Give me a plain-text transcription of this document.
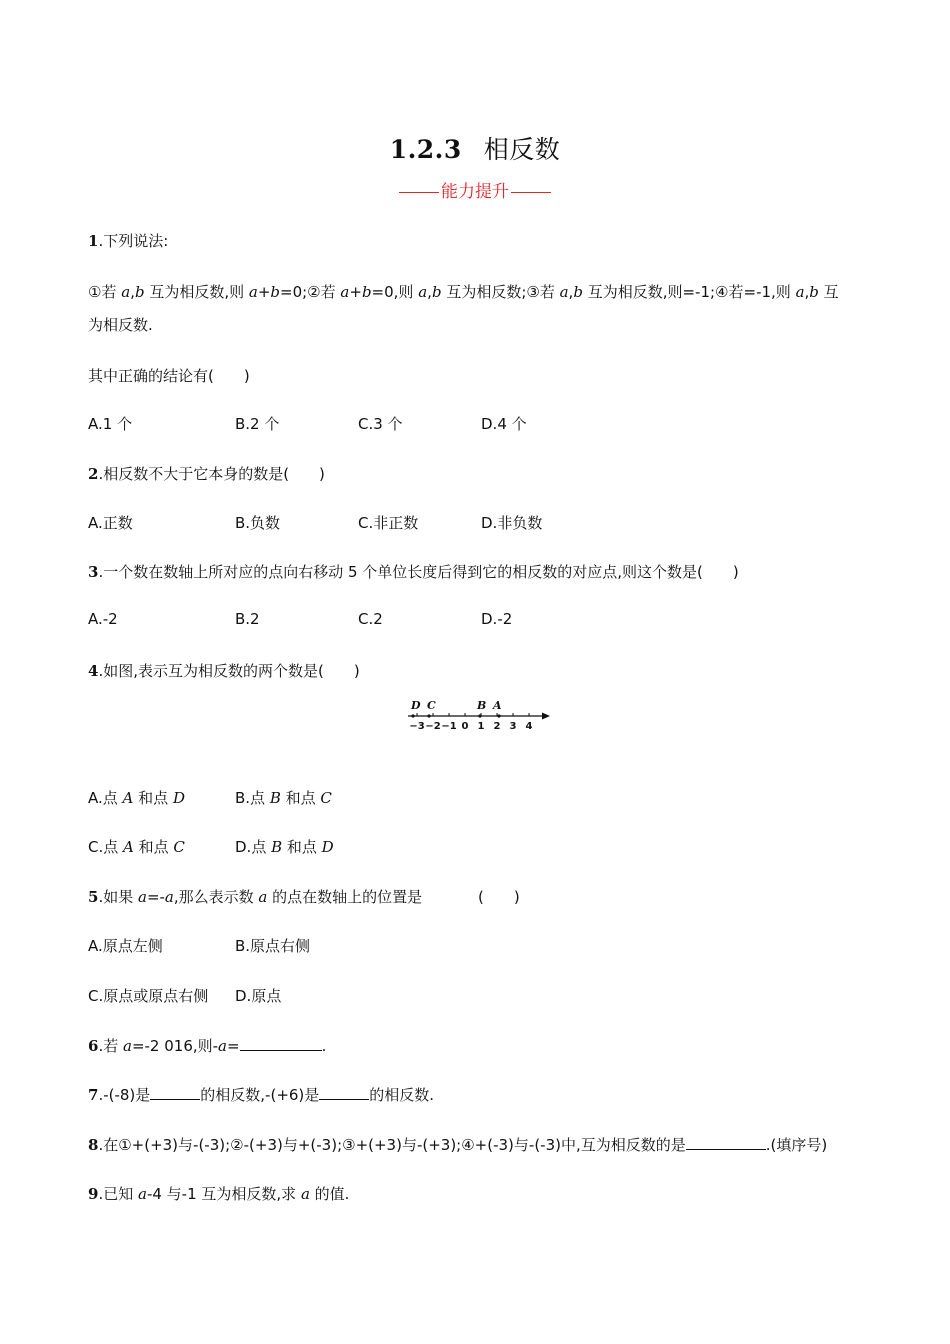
1.2.3 相反数
能力提升
1.下列说法:
①若 a,b 互为相反数,则 a+b=0;②若 a+b=0,则 a,b 互为相反数;③若 a,b 互为相反数,则=-1;④若=-1,则 a,b 互
为相反数.
其中正确的结论有(　　)
A.1 个	B.2 个	C.3 个	D.4 个
2.相反数不大于它本身的数是(　　)
A.正数	B.负数	C.非正数	D.非负数
3.一个数在数轴上所对应的点向右移动 5 个单位长度后得到它的相反数的对应点,则这个数是(　　)
A.-2	B.2	C.2	D.-2
4.如图,表示互为相反数的两个数是(　　)
D C	B A
−3 −2 −1 0 1 2 3 4
A.点 A 和点 D	B.点 B 和点 C
C.点 A 和点 C	D.点 B 和点 D
5.如果 a=-a,那么表示数 a 的点在数轴上的位置是	(　　)
A.原点左侧	B.原点右侧
C.原点或原点右侧 D.原点
6.若 a=-2 016,则-a=	.
7.-(-8)是	的相反数,-(+6)是	的相反数.
8.在①+(+3)与-(-3);②-(+3)与+(-3);③+(+3)与-(+3);④+(-3)与-(-3)中,互为相反数的是	.(填序号)
9.已知 a-4 与-1 互为相反数,求 a 的值.
